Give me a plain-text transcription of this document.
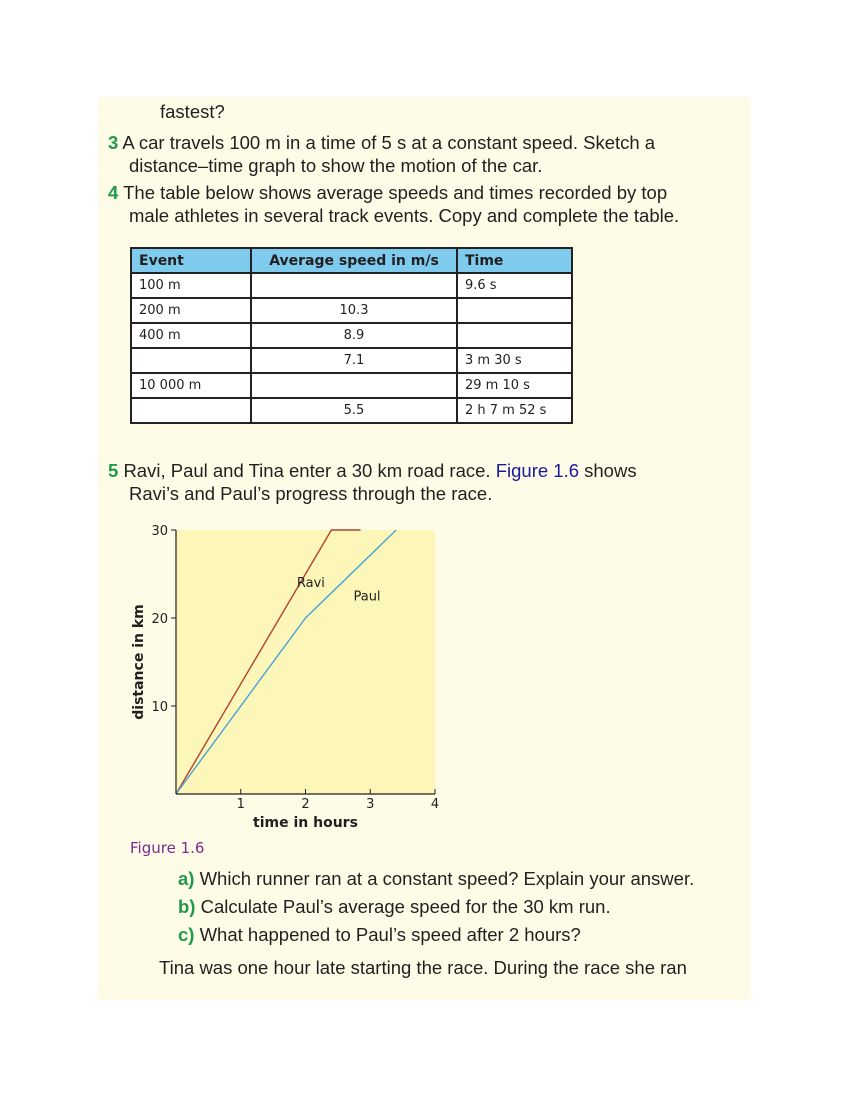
fastest?
3 A car travels 100 m in a time of 5 s at a constant speed. Sketch a
distance–time graph to show the motion of the car.
4 The table below shows average speeds and times recorded by top
male athletes in several track events. Copy and complete the table.
Event	Average speed in m/s	Time
100 m		9.6 s
200 m	10.3	
400 m	8.9	
	7.1	3 m 30 s
10 000 m		29 m 10 s
	5.5	2 h 7 m 52 s
5 Ravi, Paul and Tina enter a 30 km road race. Figure 1.6 shows
Ravi’s and Paul’s progress through the race.
1	2	3	4
10
20
30
Ravi
Paul
time in hours
distance in km
Figure 1.6
a) Which runner ran at a constant speed? Explain your answer.
b) Calculate Paul’s average speed for the 30 km run.
c) What happened to Paul’s speed after 2 hours?
Tina was one hour late starting the race. During the race she ran
